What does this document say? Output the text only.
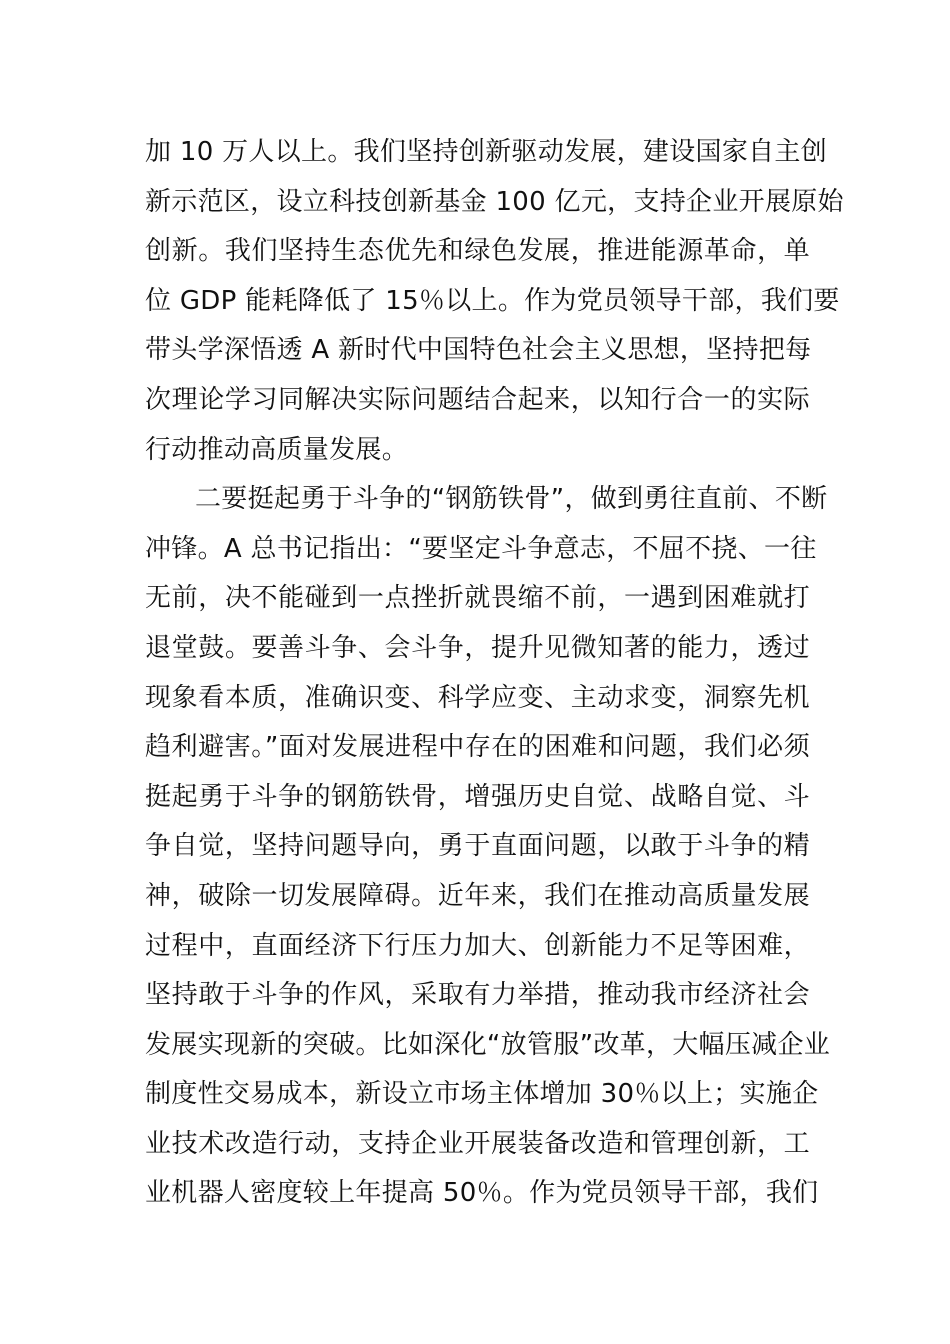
加 10 万人以上。我们坚持创新驱动发展，建设国家自主创
新示范区，设立科技创新基金 100 亿元，支持企业开展原始
创新。我们坚持生态优先和绿色发展，推进能源革命，单
位 GDP 能耗降低了 15％以上。作为党员领导干部，我们要
带头学深悟透 A 新时代中国特色社会主义思想，坚持把每
次理论学习同解决实际问题结合起来，以知行合一的实际
行动推动高质量发展。
二要挺起勇于斗争的“钢筋铁骨”，做到勇往直前、不断
冲锋。A 总书记指出：“要坚定斗争意志，不屈不挠、一往
无前，决不能碰到一点挫折就畏缩不前，一遇到困难就打
退堂鼓。要善斗争、会斗争，提升见微知著的能力，透过
现象看本质，准确识变、科学应变、主动求变，洞察先机
趋利避害。”面对发展进程中存在的困难和问题，我们必须
挺起勇于斗争的钢筋铁骨，增强历史自觉、战略自觉、斗
争自觉，坚持问题导向，勇于直面问题，以敢于斗争的精
神，破除一切发展障碍。近年来，我们在推动高质量发展
过程中，直面经济下行压力加大、创新能力不足等困难，
坚持敢于斗争的作风，采取有力举措，推动我市经济社会
发展实现新的突破。比如深化“放管服”改革，大幅压减企业
制度性交易成本，新设立市场主体增加 30％以上；实施企
业技术改造行动，支持企业开展装备改造和管理创新，工
业机器人密度较上年提高 50％。作为党员领导干部，我们
